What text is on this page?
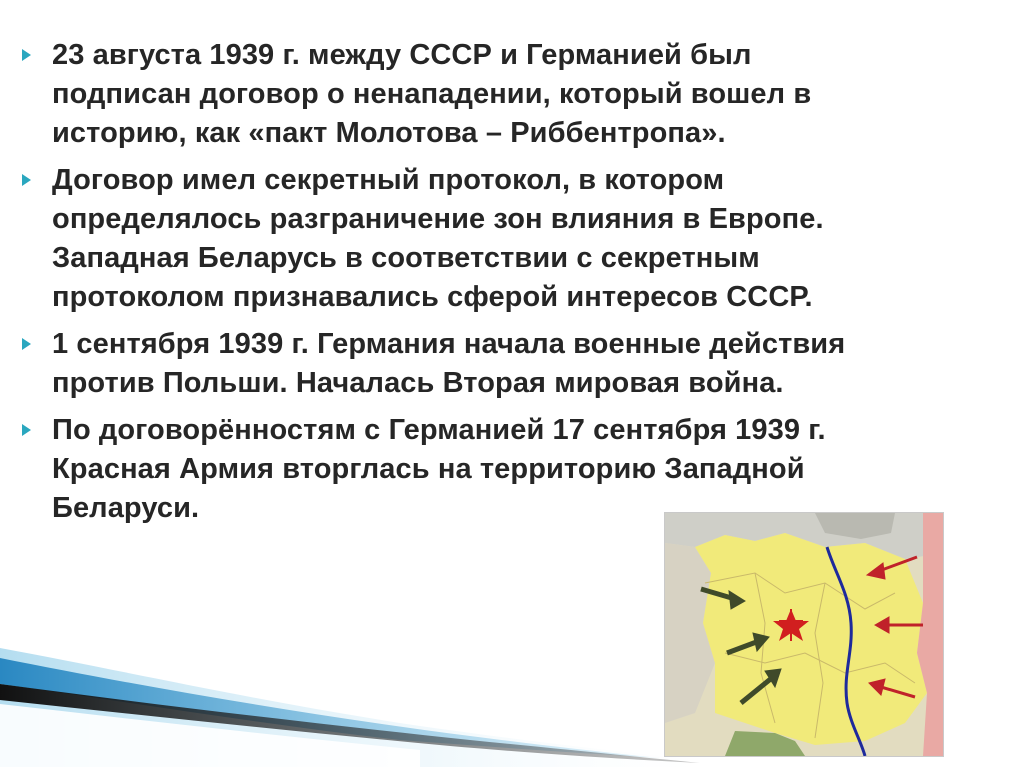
23 августа 1939 г. между СССР и Германией был
подписан договор о ненападении, который вошел в
историю, как «пакт Молотова – Риббентропа».
Договор имел секретный протокол, в котором
определялось разграничение зон влияния в Европе.
Западная Беларусь в соответствии с секретным
протоколом признавались сферой интересов СССР.
1 сентября 1939 г. Германия начала военные действия
против Польши. Началась Вторая мировая война.
По договорённостям с Германией 17 сентября 1939 г.
Красная Армия вторглась на территорию Западной
Беларуси.
